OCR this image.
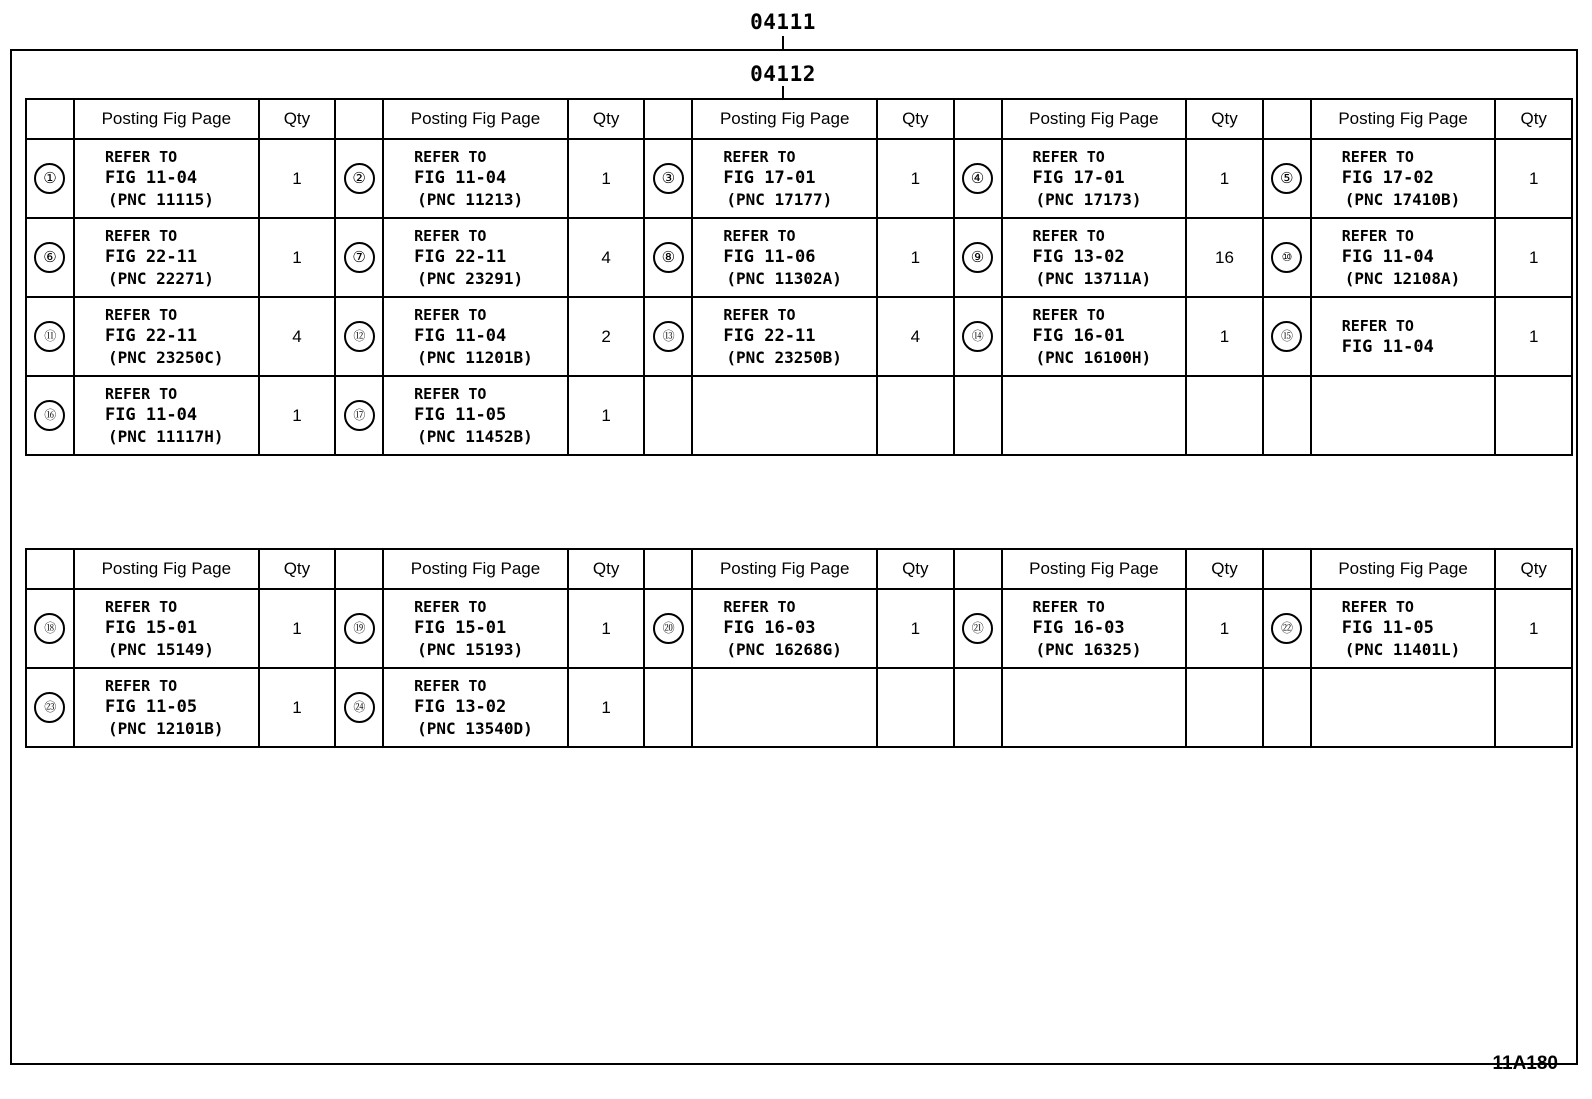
04111
04112
	Posting Fig Page	Qty		Posting Fig Page	Qty		Posting Fig Page	Qty		Posting Fig Page	Qty		Posting Fig Page	Qty
①	REFER TO
FIG 11-04
(PNC 11115)	1	②	REFER TO
FIG 11-04
(PNC 11213)	1	③	REFER TO
FIG 17-01
(PNC 17177)	1	④	REFER TO
FIG 17-01
(PNC 17173)	1	⑤	REFER TO
FIG 17-02
(PNC 17410B)	1
⑥	REFER TO
FIG 22-11
(PNC 22271)	1	⑦	REFER TO
FIG 22-11
(PNC 23291)	4	⑧	REFER TO
FIG 11-06
(PNC 11302A)	1	⑨	REFER TO
FIG 13-02
(PNC 13711A)	16	⑩	REFER TO
FIG 11-04
(PNC 12108A)	1
⑪	REFER TO
FIG 22-11
(PNC 23250C)	4	⑫	REFER TO
FIG 11-04
(PNC 11201B)	2	⑬	REFER TO
FIG 22-11
(PNC 23250B)	4	⑭	REFER TO
FIG 16-01
(PNC 16100H)	1	⑮	REFER TO
FIG 11-04	1
⑯	REFER TO
FIG 11-04
(PNC 11117H)	1	⑰	REFER TO
FIG 11-05
(PNC 11452B)	1									
	Posting Fig Page	Qty		Posting Fig Page	Qty		Posting Fig Page	Qty		Posting Fig Page	Qty		Posting Fig Page	Qty
⑱	REFER TO
FIG 15-01
(PNC 15149)	1	⑲	REFER TO
FIG 15-01
(PNC 15193)	1	⑳	REFER TO
FIG 16-03
(PNC 16268G)	1	㉑	REFER TO
FIG 16-03
(PNC 16325)	1	㉒	REFER TO
FIG 11-05
(PNC 11401L)	1
㉓	REFER TO
FIG 11-05
(PNC 12101B)	1	㉔	REFER TO
FIG 13-02
(PNC 13540D)	1									
11A180
